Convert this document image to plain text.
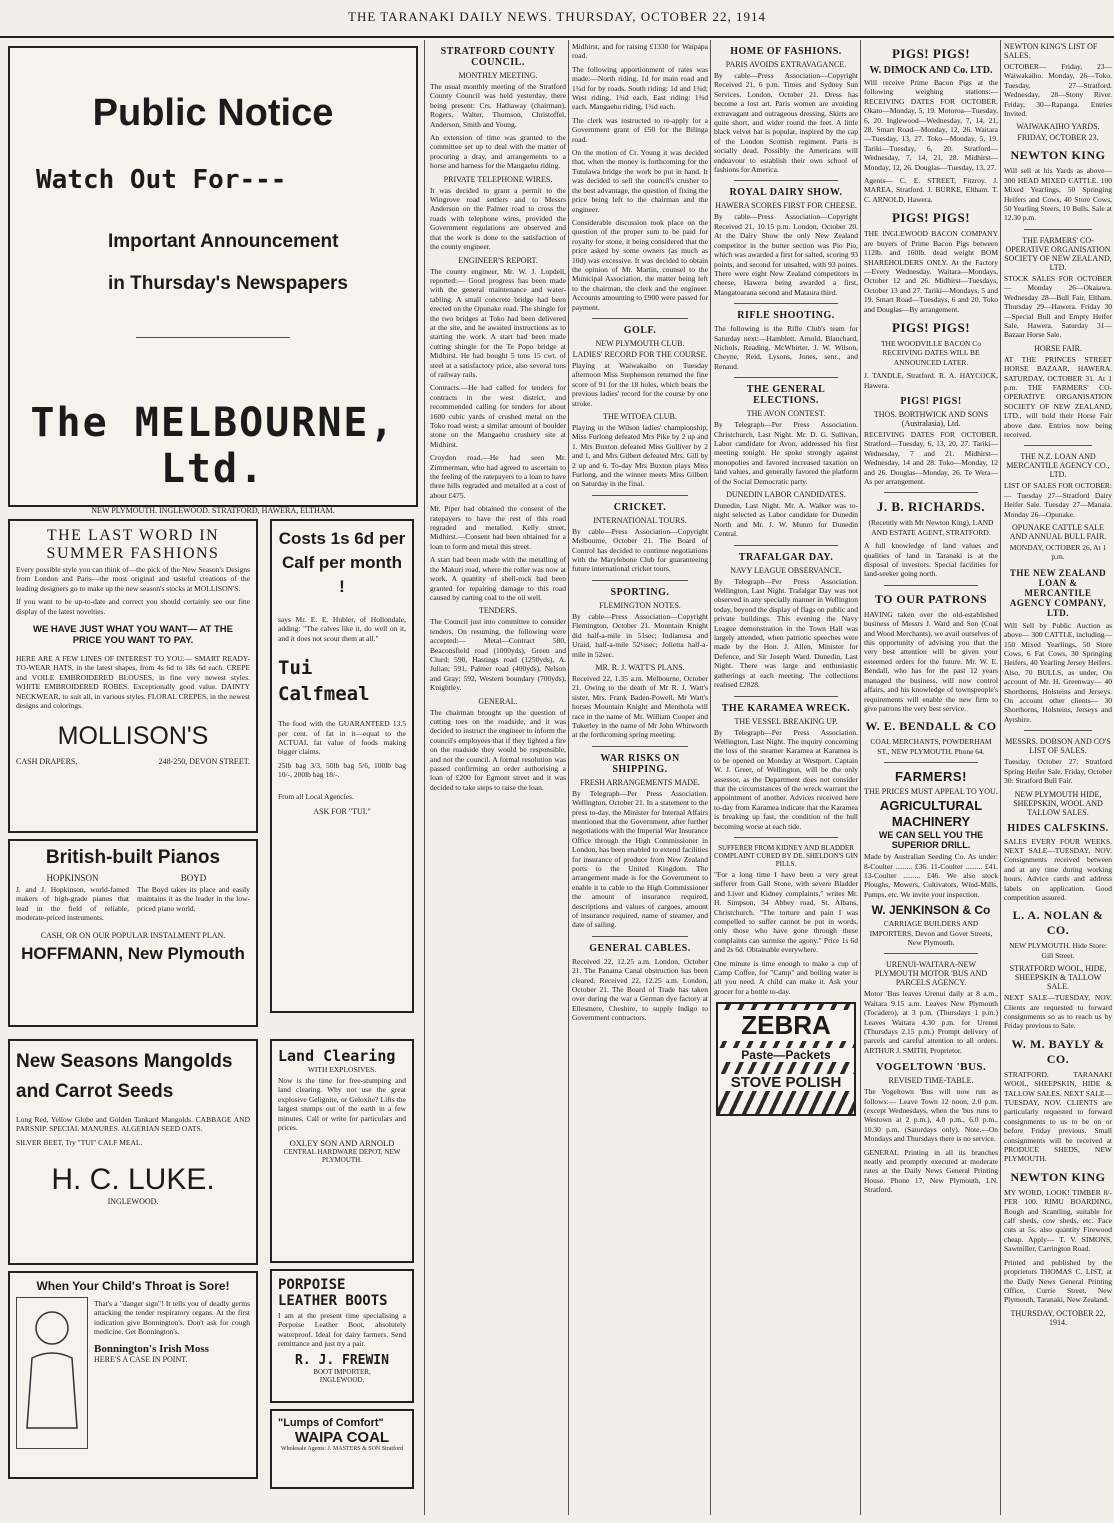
THE TARANAKI DAILY NEWS. THURSDAY, OCTOBER 22, 1914
Public Notice
Watch Out For---
Important Announcement
in Thursday's Newspapers
The MELBOURNE, Ltd.
NEW PLYMOUTH. INGLEWOOD. STRATFORD, HAWERA, ELTHAM.
THE LAST WORD IN SUMMER FASHIONS
Every possible style you can think of—the pick of the New Season's Designs from London and Paris—the most original and tasteful creations of the leading designers go to make up the new season's stocks at MOLLISON'S.
If you want to be up-to-date and correct you should certainly see our fine display of the latest novelties.
WE HAVE JUST WHAT YOU WANT— AT THE PRICE YOU WANT TO PAY.
HERE ARE A FEW LINES OF INTEREST TO YOU:— SMART READY-TO-WEAR HATS, in the latest shapes, from 4s 6d to 18s 6d each. CREPE and VOILE EMBROIDERED BLOUSES, in fine very newest styles. WHITE EMBROIDERED ROBES. Exceptionally good value. DAINTY NECKWEAR, to suit all, in various styles. FLORAL CREPES, in the newest designs and colorings.
MOLLISON'S
CASH DRAPERS,	248-250, DEVON STREET.
British-built Pianos
HOPKINSON
J. and J. Hopkinson, world-famed makers of high-grade pianos that lead in the field of reliable, moderate-priced instruments.
BOYD
The Boyd takes its place and easily maintains it as the leader in the low-priced piano world.
CASH, OR ON OUR POPULAR INSTALMENT PLAN.
HOFFMANN, New Plymouth
Costs 1s 6d per Calf per month !
says Mr. E. E. Hubler, of Hollondale, adding: "The calves like it, do well on it, and it does not scour them at all."
Tui Calfmeal
The food with the GUARANTEED 13.5 per cent. of fat in it—equal to the ACTUAL fat value of foods making bigger claims.
25lb bag 3/3, 50lb bag 5/6, 100lb bag 10/-, 200lb bag 18/-.
From all Local Agencies.
ASK FOR "TUI."
New Seasons Mangolds and Carrot Seeds
Long Red, Yellow Globe and Golden Tankard Mangolds. CABBAGE AND PARSNIP. SPECIAL MANURES. ALGERIAN SEED OATS.
SILVER BEET, Try "TUI" CALF MEAL.
H. C. LUKE.
INGLEWOOD.
When Your Child's Throat is Sore!
That's a "danger sign"! It tells you of deadly germs attacking the tender respiratory organs. At the first indication give Bonnington's. Don't ask for cough medicine. Get Bonnington's.
Bonnington's Irish Moss
HERE'S A CASE IN POINT.
Land Clearing
WITH EXPLOSIVES.
Now is the time for free-stumping and land clearing. Why not use the great explosive Gelignite, or Geloxite? Lifts the largest stumps out of the earth in a few minutes. Call or write for particulars and prices.
OXLEY SON AND ARNOLD
CENTRAL HARDWARE DEPOT, NEW PLYMOUTH.
PORPOISE LEATHER BOOTS
I am at the present time specialising a Porpoise Leather Boot, absolutely waterproof. Ideal for dairy farmers. Send remittance and just try a pair.
R. J. FREWIN
BOOT IMPORTER,
INGLEWOOD.
"Lumps of Comfort"
WAIPA COAL
Wholesale Agents: J. MASTERS & SON Stratford
STRATFORD COUNTY COUNCIL.
MONTHLY MEETING.
The usual monthly meeting of the Stratford County Council was held yesterday, there being present: Crs. Hathaway (chairman), Rogers, Walter, Thomson, Christoffel, Anderson, Smith and Young.
An extension of time was granted to the committee set up to deal with the matter of procuring a dray, and arrangements to a horse and harness for the Mangaehu riding.
PRIVATE TELEPHONE WIRES.
It was decided to grant a permit to the Wingrove road settlers and to Messrs Anderson on the Palmer road to cross the roads with telephone wires, provided the Government regulations are observed and that the work is done to the satisfaction of the county engineer.
ENGINEER'S REPORT.
The county engineer, Mr. W. J. Lopdell, reported:— Good progress has been made with the general maintenance and water-tabling. A small concrete bridge had been erected on the Opunake road. The shingle for the two bridges at Toko had been delivered at the site, and he awaited instructions as to starting the work. A start had been made cutting shingle for the Te Popo bridge at Midhirst. He had bought 5 tons 15 cwt. of steel at a satisfactory price, also several tons of railway rails.
Contracts.—He had called for tenders for contracts in the west district, and recommended calling for tenders for about 1600 cubic yards of crushed metal on the Toko road west; a similar amount of boulder stone on the Mangaehu crushery site at Midhirst.
Croydon road.—He had seen Mr. Zimmerman, who had agreed to ascertain to the feeling of the ratepayers to a loan to have three hills regraded and metalled at a cost of about £475.
Mr. Piper had obtained the consent of the ratepayers to have the rest of this road regraded and metalled. Kelly street, Midhirst.—Consent had been obtained for a loan to form and metal this street.
A start had been made with the metalling of the Makuri road, where the roller was now at work. A quantity of shell-rock had been granted for repairing damage to this road caused by carting coal to the oil well.
TENDERS.
The Council just into committee to consider tenders. On resuming, the following were accepted:— Metal—Contract 580, Beaconsfield road (1000yds), Green and Clurd; 590, Hastings road (1250yds), A. Julian; 591, Palmer road (400yds), Nelson and Gray; 592, Western boundary (700yds), Knightley.
GENERAL.
The chairman brought up the question of cutting toes on the roadside, and it was decided to instruct the engineer to inform the council's employees that if they lighted a fire on the roadside they would be responsible, and not the council. A formal resolution was passed confirming an order authorising a loan of £200 for Egmont street and it was decided to take steps to raise the loan.
Midhirst, and for raising £1330 for Waipapa road.
The following apportionment of rates was made:—North riding, 1d for main road and 1¾d for by roads. South riding: 1d and 1¾d; West riding, 1¾d each. East riding: 1¾d each. Mangaehu riding, 1¾d each.
The clerk was instructed to re-apply for a Government grant of £50 for the Bilinga road.
On the motion of Cr. Young it was decided that, when the money is forthcoming for the Tutulawa bridge the work be put in hand. It was decided to sell the council's crusher to the best advantage, the question of fixing the price being left to the chairman and the engineer.
Considerable discussion took place on the question of the proper sum to be paid for royalty for stone, it being considered that the price asked by some owners (as much as 10d) was excessive. It was decided to obtain the opinion of Mr. Martin, counsel to the Municipal Association, the matter being left to the chairman, the clerk and the engineer. Accounts amounting to £900 were passed for payment.
GOLF.
NEW PLYMOUTH CLUB.
LADIES' RECORD FOR THE COURSE.
Playing at Waiwakaiho on Tuesday afternoon Miss Stephenson returned the fine score of 91 for the 18 holes, which beats the previous ladies' record for the course by one stroke.
THE WITOEA CLUB.
Playing in the Wilson ladies' championship, Miss Furlong defeated Mrs Pike by 2 up and 1. Mrs Buxton defeated Miss Gulliver by 2 and 1, and Mrs Gilbert defeated Mrs. Gill by 2 up and 6. To-day Mrs Buxton plays Miss Furlong, and the winner meets Miss Gilbert on Saturday in the final.
CRICKET.
INTERNATIONAL TOURS.
By cable—Press Association—Copyright Melbourne, October 21. The Board of Control has decided to continue negotiations with the Marylebone Club for guaranteeing future international cricket tours.
SPORTING.
FLEMINGTON NOTES.
By cable—Press Association—Copyright Flemington, October 21. Mountain Knight did half-a-mile in 51sec; Indianusa and Uraid, half-a-mile 52¼sec; Jolietta half-a-mile in 52sec.
MR. R. J. WATT'S PLANS.
Received 22, 1.35 a.m. Melbourne, October 21. Owing to the death of Mr R. J. Watt's sister, Mrs. Frank Baden-Powell, Mr Watt's horses Mountain Knight and Menthola will race in the name of Mr. William Cooper and Tukerley in the name of Mr John Whitworth at the forthcoming spring meeting.
WAR RISKS ON SHIPPING.
FRESH ARRANGEMENTS MADE.
By Telegraph—Per Press Association. Wellington, October 21. In a statement to the press to-day, the Minister for Internal Affairs mentioned that the Government, after further negotiations with the Imperial War Insurance Office through the High Commissioner in London, has been enabled to extend facilities for insurance of produce from New Zealand ports to the United Kingdom. The arrangement made is for the Government to enable it to cable to the High Commissioner the amount of insurance required, descriptions and values of cargoes, amount of insurance required, name of steamer, and date of sailing.
GENERAL CABLES.
Received 22, 12.25 a.m. London, October 21. The Panama Canal obstruction has been cleared. Received 22, 12.25 a.m. London, October 21. The Board of Trade has taken over during the war a German dye factory at Ellesmere, Cheshire, to supply Indigo to Government contractors.
HOME OF FASHIONS.
PARIS AVOIDS EXTRAVAGANCE.
By cable—Press Association—Copyright Received 21, 6 p.m. Times and Sydney Sun Services. London, October 21. Dress has become a lost art. Paris women are avoiding extravagant and outrageous dressing. Skirts are quite short, and wider round the feet. A little black velvet hat is popular, inspired by the cap of the London Scottish regiment. Paris is socially dead. Possibly the Americans will endeavour to establish their own school of fashions for America.
ROYAL DAIRY SHOW.
HAWERA SCORES FIRST FOR CHEESE.
By cable—Press Association—Copyright Received 21, 10.15 p.m. London, October 20. At the Dairy Show the only New Zealand competitor in the butter section was Pio Pio, which was awarded a first for salted, scoring 93 points, and second for unsalted, with 93 points. There were eight New Zealand competitors in cheese, Hawera being awarded a first, Mangatoarana second and Mataura third.
RIFLE SHOOTING.
The following is the Rifle Club's team for Saturday next:—Hamblett, Arnold, Blanchard, Nichols, Reading, McWhirter, J. W. Wilson, Cheyne, Reid, Lysons, Jones, senr., and Renaud.
THE GENERAL ELECTIONS.
THE AVON CONTEST.
By Telegraph—Per Press Association. Christchurch, Last Night. Mr. D. G. Sullivan, Labor candidate for Avon, addressed his first meeting tonight. He spoke strongly against monopolies and favored increased taxation on land values, and generally favored the platform of the Social Democratic party.
DUNEDIN LABOR CANDIDATES.
Dunedin, Last Night. Mr. A. Walker was to-night selected as Labor candidate for Dunedin North and Mr. J. W. Munro for Dunedin Central.
TRAFALGAR DAY.
NAVY LEAGUE OBSERVANCE.
By Telegraph—Per Press Association. Wellington, Last Night. Trafalgar Day was not observed in any specially manner in Wellington today, beyond the display of flags on public and private buildings. This evening the Navy League demonstration in the Town Hall was largely attended, when patriotic speeches were made by the Hon. J. Allen, Minister for Defence, and Sir Joseph Ward. Dunedin, Last Night. There was large and enthusiastic gatherings at each meeting. The collections realised £2828.
THE KARAMEA WRECK.
THE VESSEL BREAKING UP.
By Telegraph—Per Press Association. Wellington, Last Night. The inquiry concerning the loss of the steamer Karamea at Karamea is to be opened on Monday at Westport. Captain W. J. Greer, of Wellington, will be the only assessor, as the Department does not consider that the circumstances of the wreck warrant the appointment of another. Advices received here to-day from Karamea indicate that the Karamea is breaking up fast, the condition of the hull becoming worse at each tide.
SUFFERER FROM KIDNEY AND BLADDER COMPLAINT CURED BY DE. SHELDON'S GIN PILLS.
"For a long time I have been a very great sufferer from Gall Stone, with severe Bladder and Liver and Kidney complaints," writes Mr. H. Simpson, 34 Abbey road, St. Albans, Christchurch. "The torture and pain I was compelled to suffer cannot be put in words, only those who have gone through these complaints can surmise the agony." Price 1s 6d and 2s 6d. Obtainable everywhere.
One minute is time enough to make a cup of Camp Coffee, for "Camp" and boiling water is all you need. A child can make it. Ask your grocer for a bottle to-day.
ZEBRA
Paste—Packets
STOVE POLISH
PIGS! PIGS!
W. DIMOCK AND Co. LTD.
Will receive Prime Bacon Pigs at the following weighing stations:— RECEIVING DATES FOR OCTOBER. Okato—Monday, 5, 19. Motoroa—Tuesday, 6, 20. Inglewood—Wednesday, 7, 14, 21, 28. Smart Road—Monday, 12, 26. Waitara—Tuesday, 13, 27. Toko—Monday, 5, 19. Tariki—Tuesday, 6, 20. Stratford—Wednesday, 7, 14, 21, 28. Midhirst—Monday, 12, 26. Douglas—Tuesday, 13, 27.
Agents— C. E. STREET, Fitzroy. J. MAREA, Stratford. J. BURKE, Eltham. T. C. ARNOLD, Hawera.
PIGS! PIGS!
THE INGLEWOOD BACON COMPANY are buyers of Prime Bacon Pigs between 112lb. and 160lb. dead weight BOM SHAREHOLDERS ONLY. At the Factory—Every Wednesday. Waitara—Mondays, October 12 and 26. Midhirst—Tuesdays, October 13 and 27. Tariki—Mondays, 5 and 19. Smart Road—Tuesdays, 6 and 20. Toko and Douglas—By arrangement.
PIGS! PIGS!
THE WOODVILLE BACON Co RECEIVING DATES WILL BE ANNOUNCED LATER.
J. TANDLE, Stratford. R. A. HAYCOCK, Hawera.
PIGS! PIGS!
THOS. BORTHWICK AND SONS (Australasia), Ltd.
RECEIVING DATES FOR OCTOBER. Stratford—Tuesday, 6, 13, 20, 27. Tariki—Wednesday, 7 and 21. Midhirst—Wednesday, 14 and 28. Toko—Monday, 12 and 26. Douglas—Monday, 26. Te Wera—As per arrangement.
J. B. RICHARDS.
(Recently with Mr Newton King), LAND AND ESTATE AGENT, STRATFORD.
A full knowledge of land values and qualities of land in Taranaki is at the disposal of investors. Special facilities for land-seeker going north.
TO OUR PATRONS
HAVING taken over the old-established business of Messrs J. Ward and Son (Coal and Wood Merchants), we avail ourselves of this opportunity of advising you that the very best attention will be given your esteemed orders for the future. Mr. W. E. Bendall, who has for the past 12 years managed the business, will now control affairs, and his knowledge of townspeople's requirements will enable the new firm to give patrons the very best service.
W. E. BENDALL & CO
COAL MERCHANTS, POWDERHAM ST., NEW PLYMOUTH. Phone 64.
FARMERS!
THE PRICES MUST APPEAL TO YOU.
AGRICULTURAL MACHINERY
WE CAN SELL YOU THE SUPERIOR DRILL.
Made by Australian Seeding Co. As under: 8-Coulter ......... £36. 11-Coulter ......... £41. 13-Coulter ......... £46. We also stock Ploughs, Mowers, Cultivators, Wind-Mills, Pumps, etc. We invite your inspection.
W. JENKINSON & Co
CARRIAGE BUILDERS AND IMPORTERS, Devon and Gover Streets, New Plymouth.
URENUI-WAITARA-NEW PLYMOUTH MOTOR 'BUS AND PARCELS AGENCY.
Motor 'Bus leaves Urenui daily at 8 a.m., Waitara 9.15 a.m. Leaves New Plymouth (Tocadero), at 3 p.m. (Thursdays 1 p.m.) Leaves Waitara 4.30 p.m. for Urenui (Thursdays 2.15 p.m.) Prompt delivery of parcels and careful attention to all orders. ARTHUR J. SMITH, Proprietor.
VOGELTOWN 'BUS.
REVISED TIME-TABLE.
The Vogeltown 'Bus will now run as follows:— Leave Town 12 noon, 2.0 p.m. (except Wednesdays, when the 'bus runs to Westown at 2 p.m.), 4.0 p.m., 6.0 p.m., 10.30 p.m. (Saturdays only). Note.—On Mondays and Thursdays there is no service.
GENERAL Printing in all its branches neatly and promptly executed at moderate rates at the Daily News General Printing House. Phone 17, New Plymouth, LN. Stratford.
NEWTON KING'S LIST OF SALES.
OCTOBER— Friday, 23—Waiwakaiho. Monday, 26—Toko. Tuesday, 27—Stratford. Wednesday, 28—Stony River. Friday, 30—Rapanga. Entries Invited.
WAIWAKAIHO YARDS.
FRIDAY, OCTOBER 23.
NEWTON KING
Will sell at his Yards as above— 300 HEAD MIXED CATTLE. 100 Mixed Yearlings, 50 Springing Heifers and Cows, 40 Store Cows, 50 Yearling Steers, 10 Bulls. Sale at 12.30 p.m.
THE FARMERS' CO-OPERATIVE ORGANISATION SOCIETY OF NEW ZEALAND, LTD.
STOCK SALES FOR OCTOBER— Monday 26—Okaiawa. Wednesday 28—Bull Fair, Eltham. Thursday 29—Hawera. Friday 30—Special Bull and Empty Heifer Sale, Hawera. Saturday 31—Bazaar Horse Sale.
HORSE FAIR.
AT THE PRINCES STREET HORSE BAZAAR, HAWERA. SATURDAY, OCTOBER 31. At 1 p.m. THE FARMERS' CO-OPERATIVE ORGANISATION SOCIETY OF NEW ZEALAND, LTD., will hold their Horse Fair above date. Entries now being received.
THE N.Z. LOAN AND MERCANTILE AGENCY CO., LTD.
LIST OF SALES FOR OCTOBER:— Tuesday 27—Stratford Dairy Heifer Sale. Tuesday 27—Manaia. Monday 26—Opunake.
OPUNAKE CATTLE SALE AND ANNUAL BULL FAIR.
MONDAY, OCTOBER 26, At 1 p.m.
THE NEW ZEALAND LOAN & MERCANTILE AGENCY COMPANY, LTD.
Will Sell by Public Auction as above— 300 CATTLE, including— 150 Mixed Yearlings, 50 Store Cows, 6 Fat Cows, 30 Springing Heifers, 40 Yearling Jersey Heifers. Also, 70 BULLS, as under, On account of Mr. H. Greenway— 40 Shorthorns, Holsteins and Jerseys. On account other clients— 30 Shorthorns, Holsteins, Jerseys and Ayrshire.
MESSRS. DOBSON AND CO'S LIST OF SALES.
Tuesday, October 27: Stratford Spring Heifer Sale. Friday, October 30: Stratford Bull Fair.
NEW PLYMOUTH HIDE, SHEEPSKIN, WOOL AND TALLOW SALES.
HIDES CALFSKINS.
SALES EVERY FOUR WEEKS. NEXT SALE—TUESDAY, NOV. Consignments received between and at any time during working hours. Advice cards and address labels on application. Good competition assured.
L. A. NOLAN & CO.
NEW PLYMOUTH. Hide Store: Gill Street.
STRATFORD WOOL, HIDE, SHEEPSKIN & TALLOW SALE.
NEXT SALE—TUESDAY, NOV. Clients are requested to forward consignments so as to reach us by Friday previous to Sale.
W. M. BAYLY & CO.
STRATFORD. TARANAKI WOOL, SHEEPSKIN, HIDE & TALLOW SALES. NEXT SALE—TUESDAY, NOV. CLIENTS are particularly requested to forward consignments to us to be on or before Friday previous. Small consignments will be received at PRODUCE SHEDS, NEW PLYMOUTH.
NEWTON KING
MY WORD, LOOK! TIMBER 8/- PER 100. RIMU BOARDING, Rough and Scantling, suitable for calf sheds, cow sheds, etc. Face cuts at 5s. also quantity Firewood cheap. Apply— T. V. SIMONS, Sawmiller, Carrington Road.
Printed and published by the proprietors THOMAS C. LIST, at the Daily News General Printing Office, Currie Street, New Plymouth, Taranaki, New Zealand.
THURSDAY, OCTOBER 22, 1914.
